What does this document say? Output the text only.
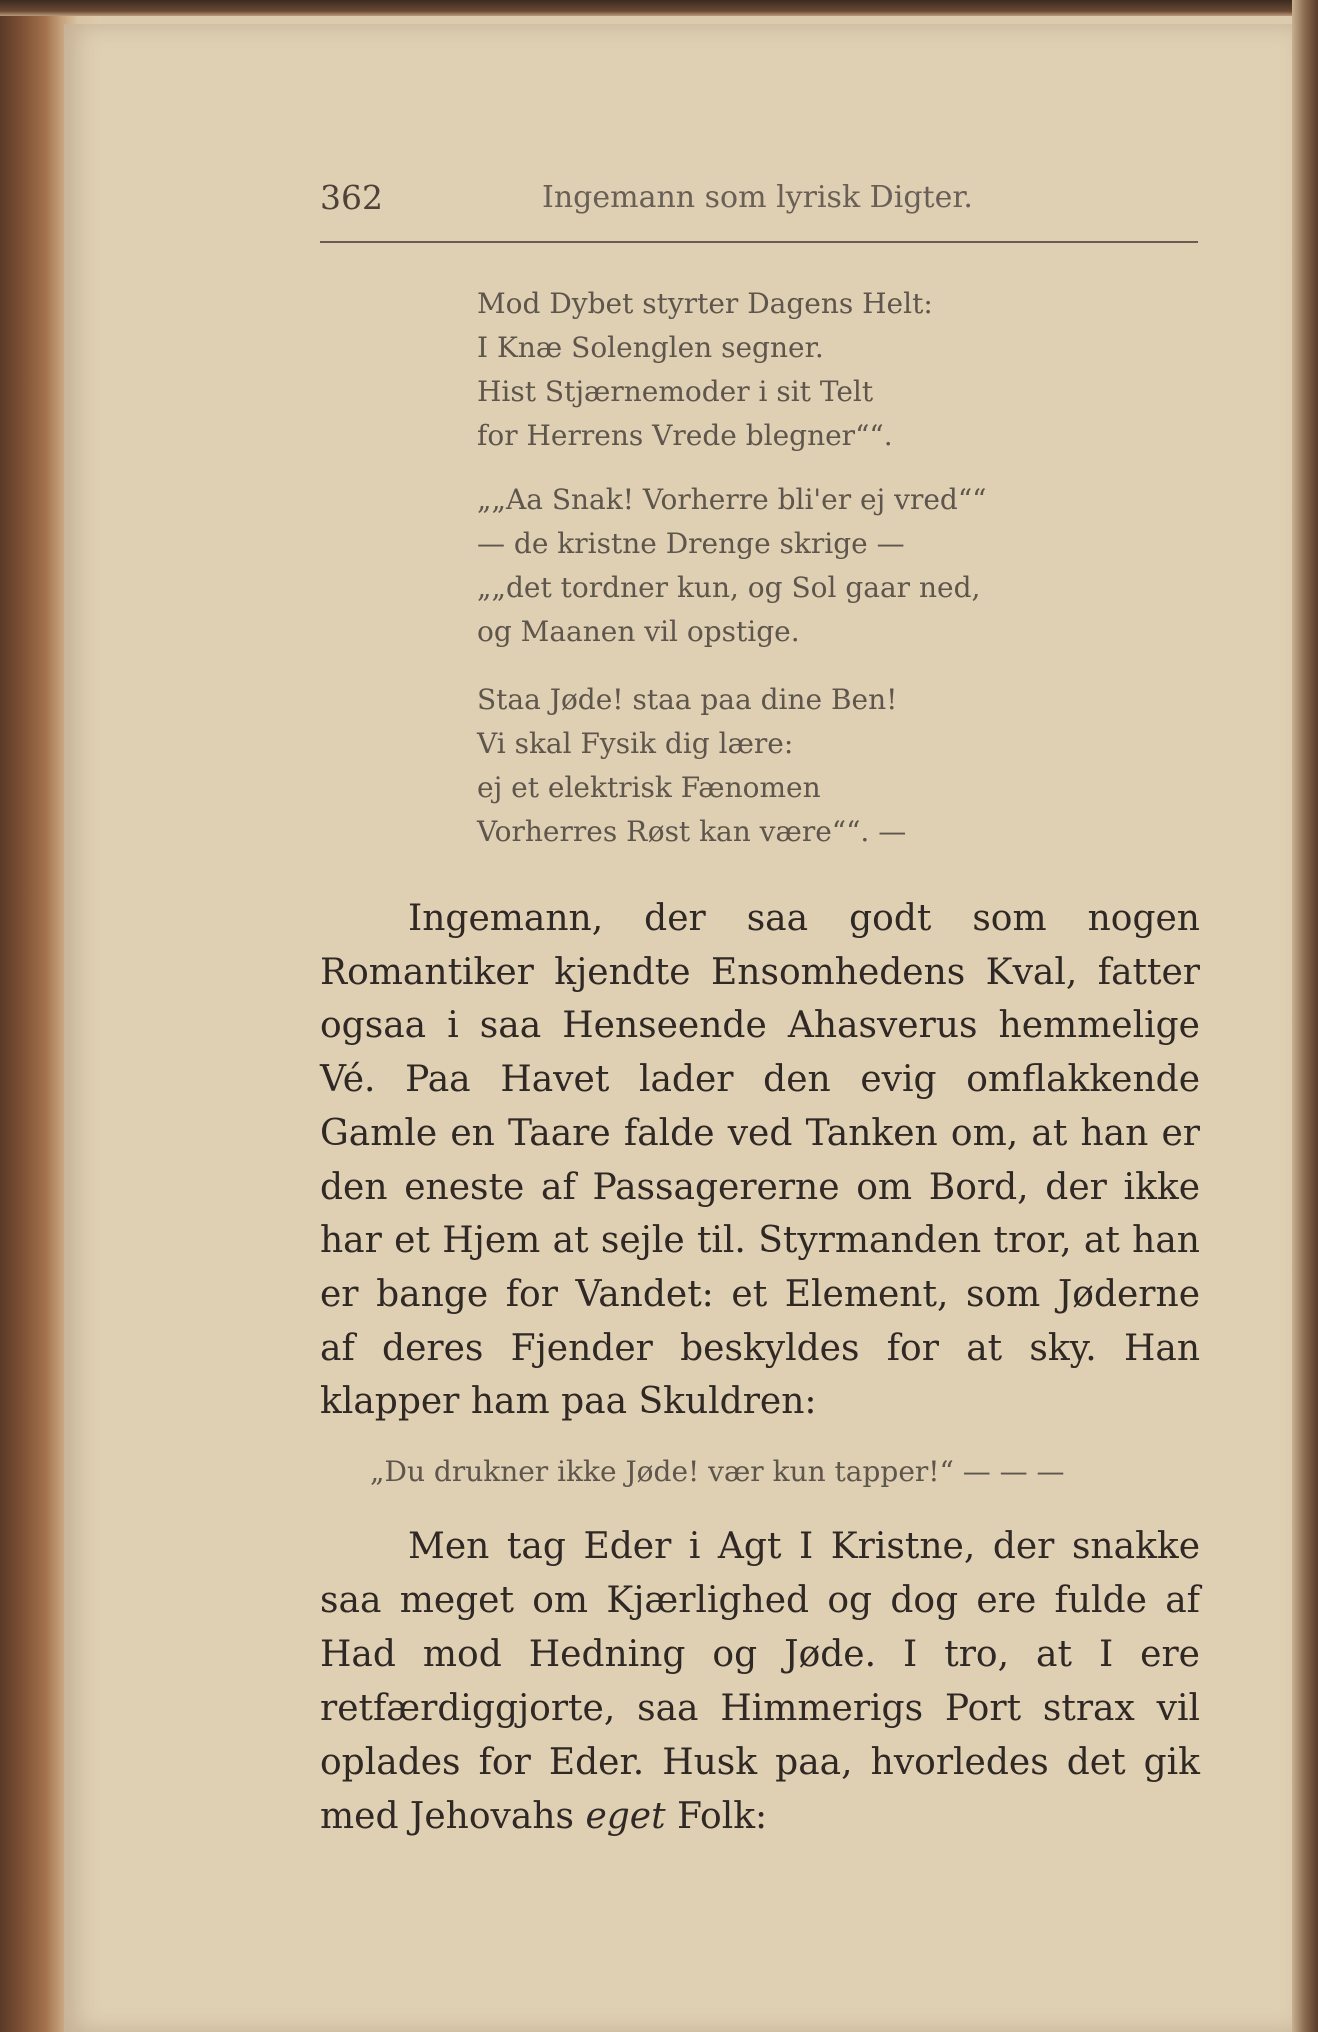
362	Ingemann som lyrisk Digter.
Mod Dybet styrter Dagens Helt:
I Knæ Solenglen segner.
Hist Stjærnemoder i sit Telt
for Herrens Vrede blegner““.
„„Aa Snak! Vorherre bli'er ej vred““
— de kristne Drenge skrige —
„„det tordner kun, og Sol gaar ned,
og Maanen vil opstige.
Staa Jøde! staa paa dine Ben!
Vi skal Fysik dig lære:
ej et elektrisk Fænomen
Vorherres Røst kan være““. —

Ingemann, der saa godt som nogen Romantiker kjendte Ensomhedens Kval, fatter ogsaa i saa Henseende Ahasverus hemmelige Vé. Paa Havet lader den evig omflakkende Gamle en Taare falde ved Tanken om, at han er den eneste af Passagererne om Bord, der ikke har et Hjem at sejle til. Styrmanden tror, at han er bange for Vandet: et Element, som Jøderne af deres Fjender beskyldes for at sky. Han klapper ham paa Skuldren:

„Du drukner ikke Jøde! vær kun tapper!“ — — —

Men tag Eder i Agt I Kristne, der snakke saa meget om Kjærlighed og dog ere fulde af Had mod Hedning og Jøde. I tro, at I ere retfærdiggjorte, saa Himmerigs Port strax vil oplades for Eder. Husk paa, hvorledes det gik med Jehovahs eget Folk:
